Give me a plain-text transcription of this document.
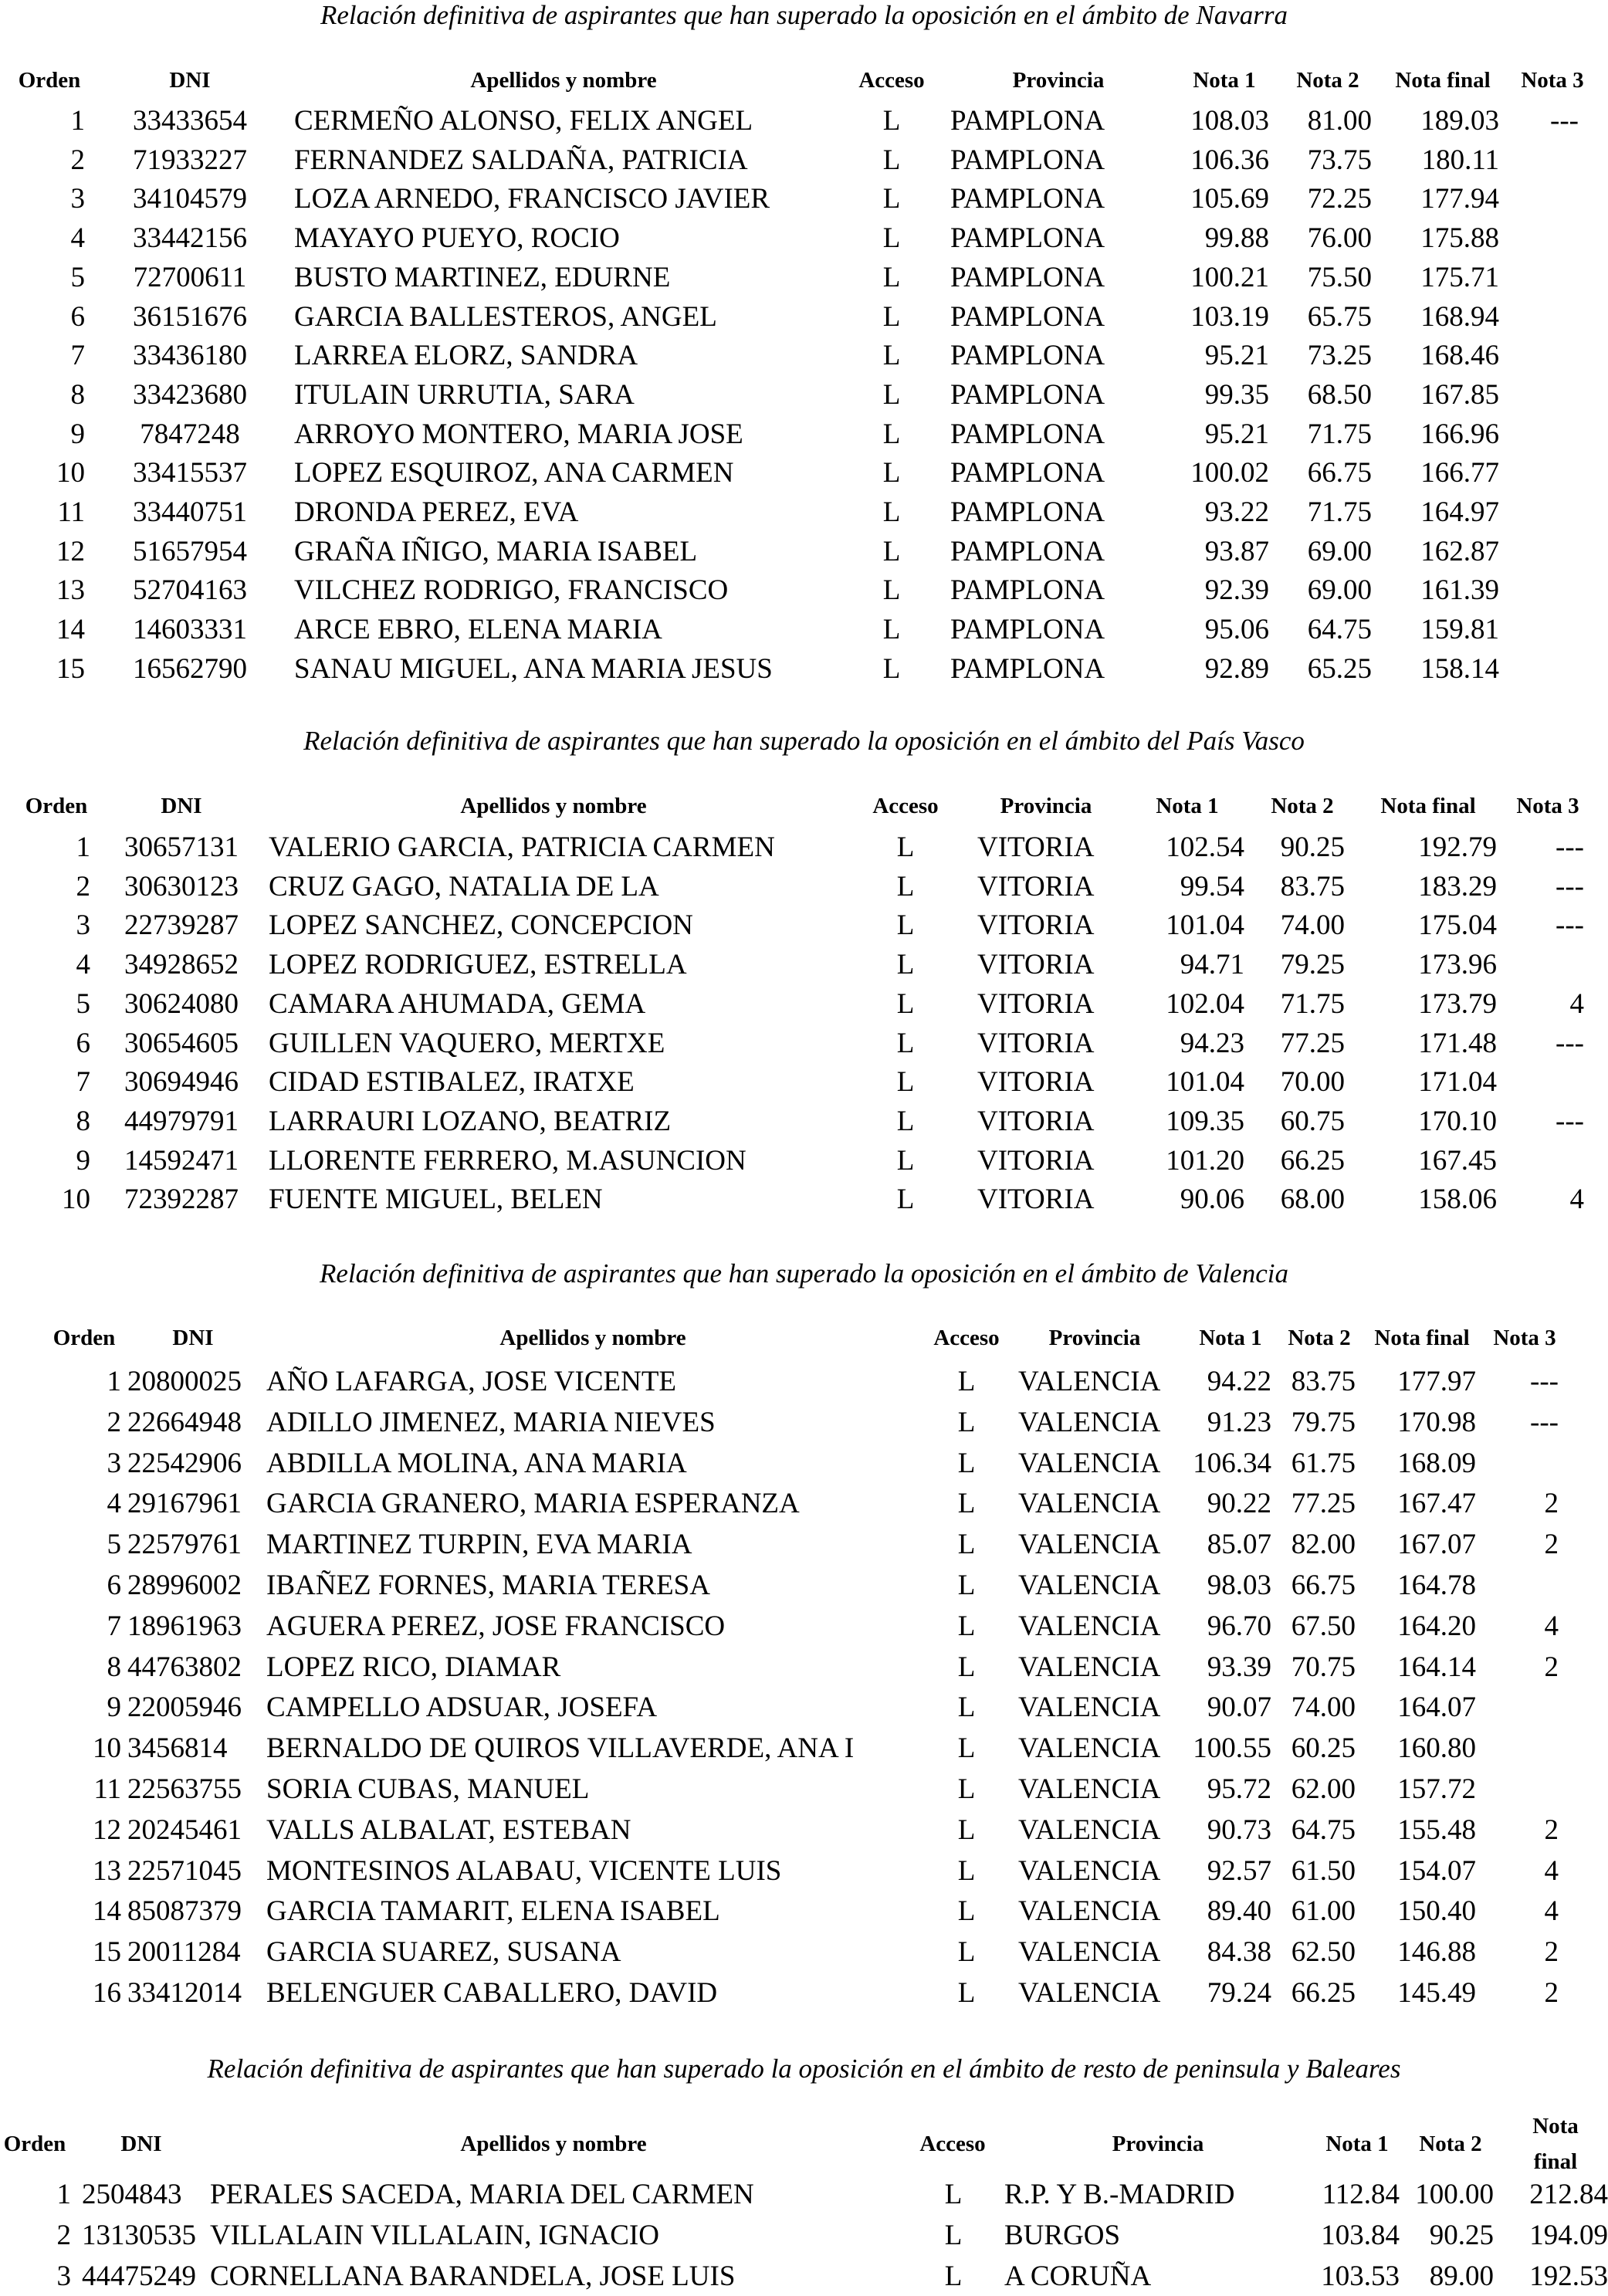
Relación definitiva de aspirantes que han superado la oposición en el ámbito de Navarra
Orden	DNI	Apellidos y nombre	Acceso	Provincia	Nota 1 Nota 2 Nota final Nota 3
1	33433654	CERMEÑO ALONSO, FELIX ANGEL	L	PAMPLONA	108.03	81.00	189.03	---
2	71933227	FERNANDEZ SALDAÑA, PATRICIA	L	PAMPLONA	106.36	73.75	180.11
3	34104579	LOZA ARNEDO, FRANCISCO JAVIER	L	PAMPLONA	105.69	72.25	177.94
4	33442156	MAYAYO PUEYO, ROCIO	L	PAMPLONA	99.88	76.00	175.88
5	72700611	BUSTO MARTINEZ, EDURNE	L	PAMPLONA	100.21	75.50	175.71
6	36151676	GARCIA BALLESTEROS, ANGEL	L	PAMPLONA	103.19	65.75	168.94
7	33436180	LARREA ELORZ, SANDRA	L	PAMPLONA	95.21	73.25	168.46
8	33423680	ITULAIN URRUTIA, SARA	L	PAMPLONA	99.35	68.50	167.85
9	7847248	ARROYO MONTERO, MARIA JOSE	L	PAMPLONA	95.21	71.75	166.96
10	33415537	LOPEZ ESQUIROZ, ANA CARMEN	L	PAMPLONA	100.02	66.75	166.77
11	33440751	DRONDA PEREZ, EVA	L	PAMPLONA	93.22	71.75	164.97
12	51657954	GRAÑA IÑIGO, MARIA ISABEL	L	PAMPLONA	93.87	69.00	162.87
13	52704163	VILCHEZ RODRIGO, FRANCISCO	L	PAMPLONA	92.39	69.00	161.39
14	14603331	ARCE EBRO, ELENA MARIA	L	PAMPLONA	95.06	64.75	159.81
15	16562790	SANAU MIGUEL, ANA MARIA JESUS	L	PAMPLONA	92.89	65.25	158.14
Relación definitiva de aspirantes que han superado la oposición en el ámbito del País Vasco
Orden	DNI	Apellidos y nombre	Acceso	Provincia	Nota 1 Nota 2 Nota final Nota 3
1	30657131	VALERIO GARCIA, PATRICIA CARMEN	L	VITORIA	102.54	90.25	192.79	---
2	30630123	CRUZ GAGO, NATALIA DE LA	L	VITORIA	99.54	83.75	183.29	---
3	22739287	LOPEZ SANCHEZ, CONCEPCION	L	VITORIA	101.04	74.00	175.04	---
4	34928652	LOPEZ RODRIGUEZ, ESTRELLA	L	VITORIA	94.71	79.25	173.96
5	30624080	CAMARA AHUMADA, GEMA	L	VITORIA	102.04	71.75	173.79	4
6	30654605	GUILLEN VAQUERO, MERTXE	L	VITORIA	94.23	77.25	171.48	---
7	30694946	CIDAD ESTIBALEZ, IRATXE	L	VITORIA	101.04	70.00	171.04
8	44979791	LARRAURI LOZANO, BEATRIZ	L	VITORIA	109.35	60.75	170.10	---
9	14592471	LLORENTE FERRERO, M.ASUNCION	L	VITORIA	101.20	66.25	167.45
10	72392287	FUENTE MIGUEL, BELEN	L	VITORIA	90.06	68.00	158.06	4
Relación definitiva de aspirantes que han superado la oposición en el ámbito de Valencia
Orden	DNI	Apellidos y nombre	Acceso Provincia	Nota 1 Nota 2 Nota final Nota 3
1 20800025 AÑO LAFARGA, JOSE VICENTE	L	VALENCIA	94.22 83.75	177.97	---
2 22664948 ADILLO JIMENEZ, MARIA NIEVES	L	VALENCIA	91.23 79.75	170.98	---
3 22542906 ABDILLA MOLINA, ANA MARIA	L	VALENCIA	106.34 61.75	168.09
4 29167961 GARCIA GRANERO, MARIA ESPERANZA	L	VALENCIA	90.22 77.25	167.47	2
5 22579761 MARTINEZ TURPIN, EVA MARIA	L	VALENCIA	85.07 82.00	167.07	2
6 28996002 IBAÑEZ FORNES, MARIA TERESA	L	VALENCIA	98.03 66.75	164.78
7 18961963 AGUERA PEREZ, JOSE FRANCISCO	L	VALENCIA	96.70 67.50	164.20	4
8 44763802 LOPEZ RICO, DIAMAR	L	VALENCIA	93.39 70.75	164.14	2
9 22005946 CAMPELLO ADSUAR, JOSEFA	L	VALENCIA	90.07 74.00	164.07
10 3456814	BERNALDO DE QUIROS VILLAVERDE, ANA I	L	VALENCIA	100.55 60.25	160.80
11 22563755 SORIA CUBAS, MANUEL	L	VALENCIA	95.72 62.00	157.72
12 20245461 VALLS ALBALAT, ESTEBAN	L	VALENCIA	90.73 64.75	155.48	2
13 22571045 MONTESINOS ALABAU, VICENTE LUIS	L	VALENCIA	92.57 61.50	154.07	4
14 85087379 GARCIA TAMARIT, ELENA ISABEL	L	VALENCIA	89.40 61.00	150.40	4
15 20011284 GARCIA SUAREZ, SUSANA	L	VALENCIA	84.38 62.50	146.88	2
16 33412014 BELENGUER CABALLERO, DAVID	L	VALENCIA	79.24 66.25	145.49	2
Relación definitiva de aspirantes que han superado la oposición en el ámbito de resto de peninsula y Baleares
Orden DNI	Apellidos y nombre	Acceso	Provincia	Nota 1 Nota 2
Nota
final
1 2504843 PERALES SACEDA, MARIA DEL CARMEN	L	R.P. Y B.-MADRID	112.84 100.00	212.84
2 13130535 VILLALAIN VILLALAIN, IGNACIO	L	BURGOS	103.84	90.25	194.09
3 44475249 CORNELLANA BARANDELA, JOSE LUIS	L	A CORUÑA	103.53	89.00	192.53
